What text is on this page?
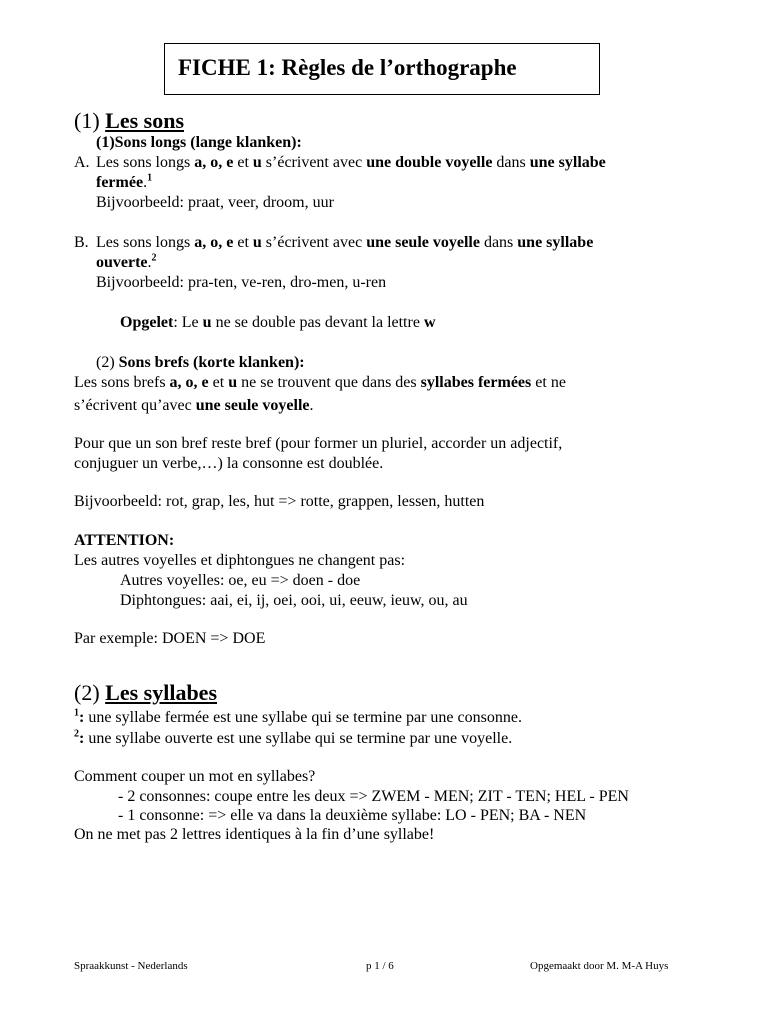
FICHE 1: Règles de l’orthographe
(1) Les sons
(1)Sons longs (lange klanken):
A. Les sons longs a, o, e et u s’écrivent avec une double voyelle dans une syllabe
fermée.$^1$
Bijvoorbeeld: praat, veer, droom, uur
B. Les sons longs a, o, e et u s’écrivent avec une seule voyelle dans une syllabe
ouverte.$^2$
Bijvoorbeeld: pra-ten, ve-ren, dro-men, u-ren
Opgelet: Le u ne se double pas devant la lettre w
(2) Sons brefs (korte klanken):
Les sons brefs a, o, e et u ne se trouvent que dans des syllabes fermées et ne
s’écrivent qu’avec une seule voyelle.
Pour que un son bref reste bref (pour former un pluriel, accorder un adjectif,
conjuguer un verbe,…) la consonne est doublée.
Bijvoorbeeld: rot, grap, les, hut => rotte, grappen, lessen, hutten
ATTENTION:
Les autres voyelles et diphtongues ne changent pas:
Autres voyelles: oe, eu => doen - doe
Diphtongues: aai, ei, ij, oei, ooi, ui, eeuw, ieuw, ou, au
Par exemple: DOEN => DOE
(2) Les syllabes
$^1$: une syllabe fermée est une syllabe qui se termine par une consonne.
$^2$: une syllabe ouverte est une syllabe qui se termine par une voyelle.
Comment couper un mot en syllabes?
- 2 consonnes: coupe entre les deux => ZWEM - MEN; ZIT - TEN; HEL - PEN
- 1 consonne: => elle va dans la deuxième syllabe: LO - PEN; BA - NEN
On ne met pas 2 lettres identiques à la fin d’une syllabe!
Spraakkunst - Nederlands	p 1 / 6	Opgemaakt door M. M-A Huys
